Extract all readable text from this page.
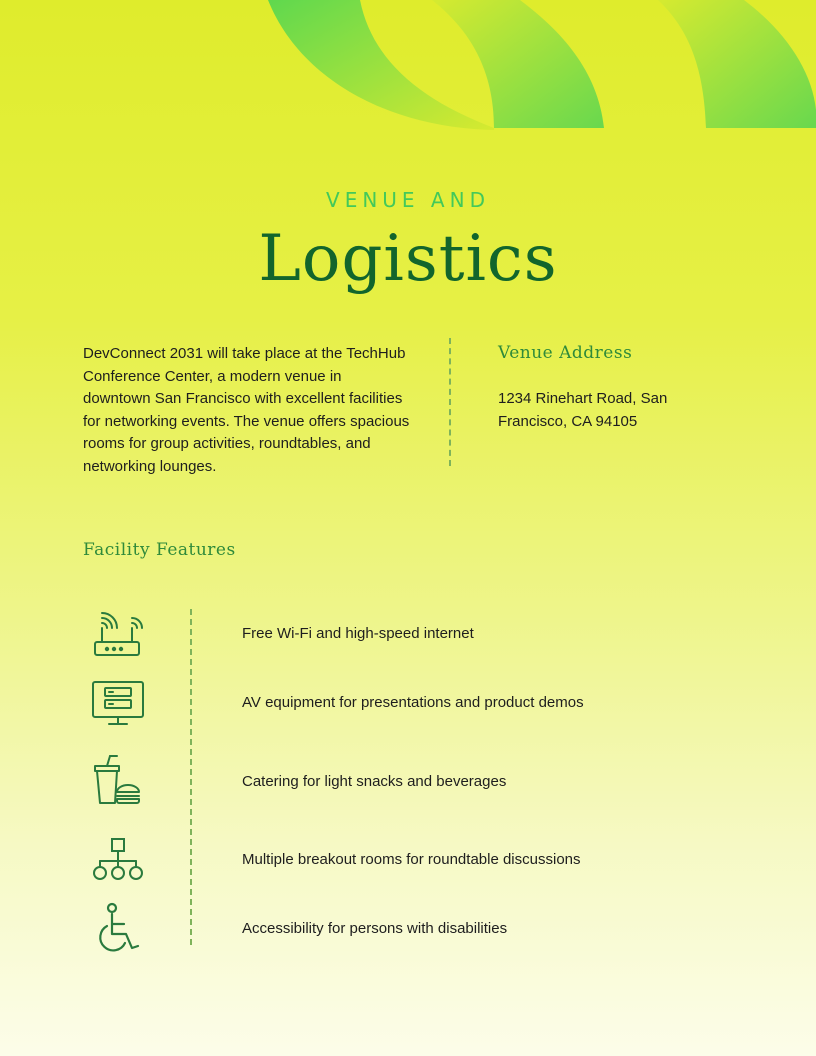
VENUE AND
Logistics
DevConnect 2031 will take place at the TechHub Conference Center, a modern venue in downtown San Francisco with excellent facilities for networking events. The venue offers spacious rooms for group activities, roundtables, and networking lounges.
Venue Address
1234 Rinehart Road, San Francisco, CA 94105
Facility Features
Free Wi-Fi and high-speed internet
AV equipment for presentations and product demos
Catering for light snacks and beverages
Multiple breakout rooms for roundtable discussions
Accessibility for persons with disabilities
